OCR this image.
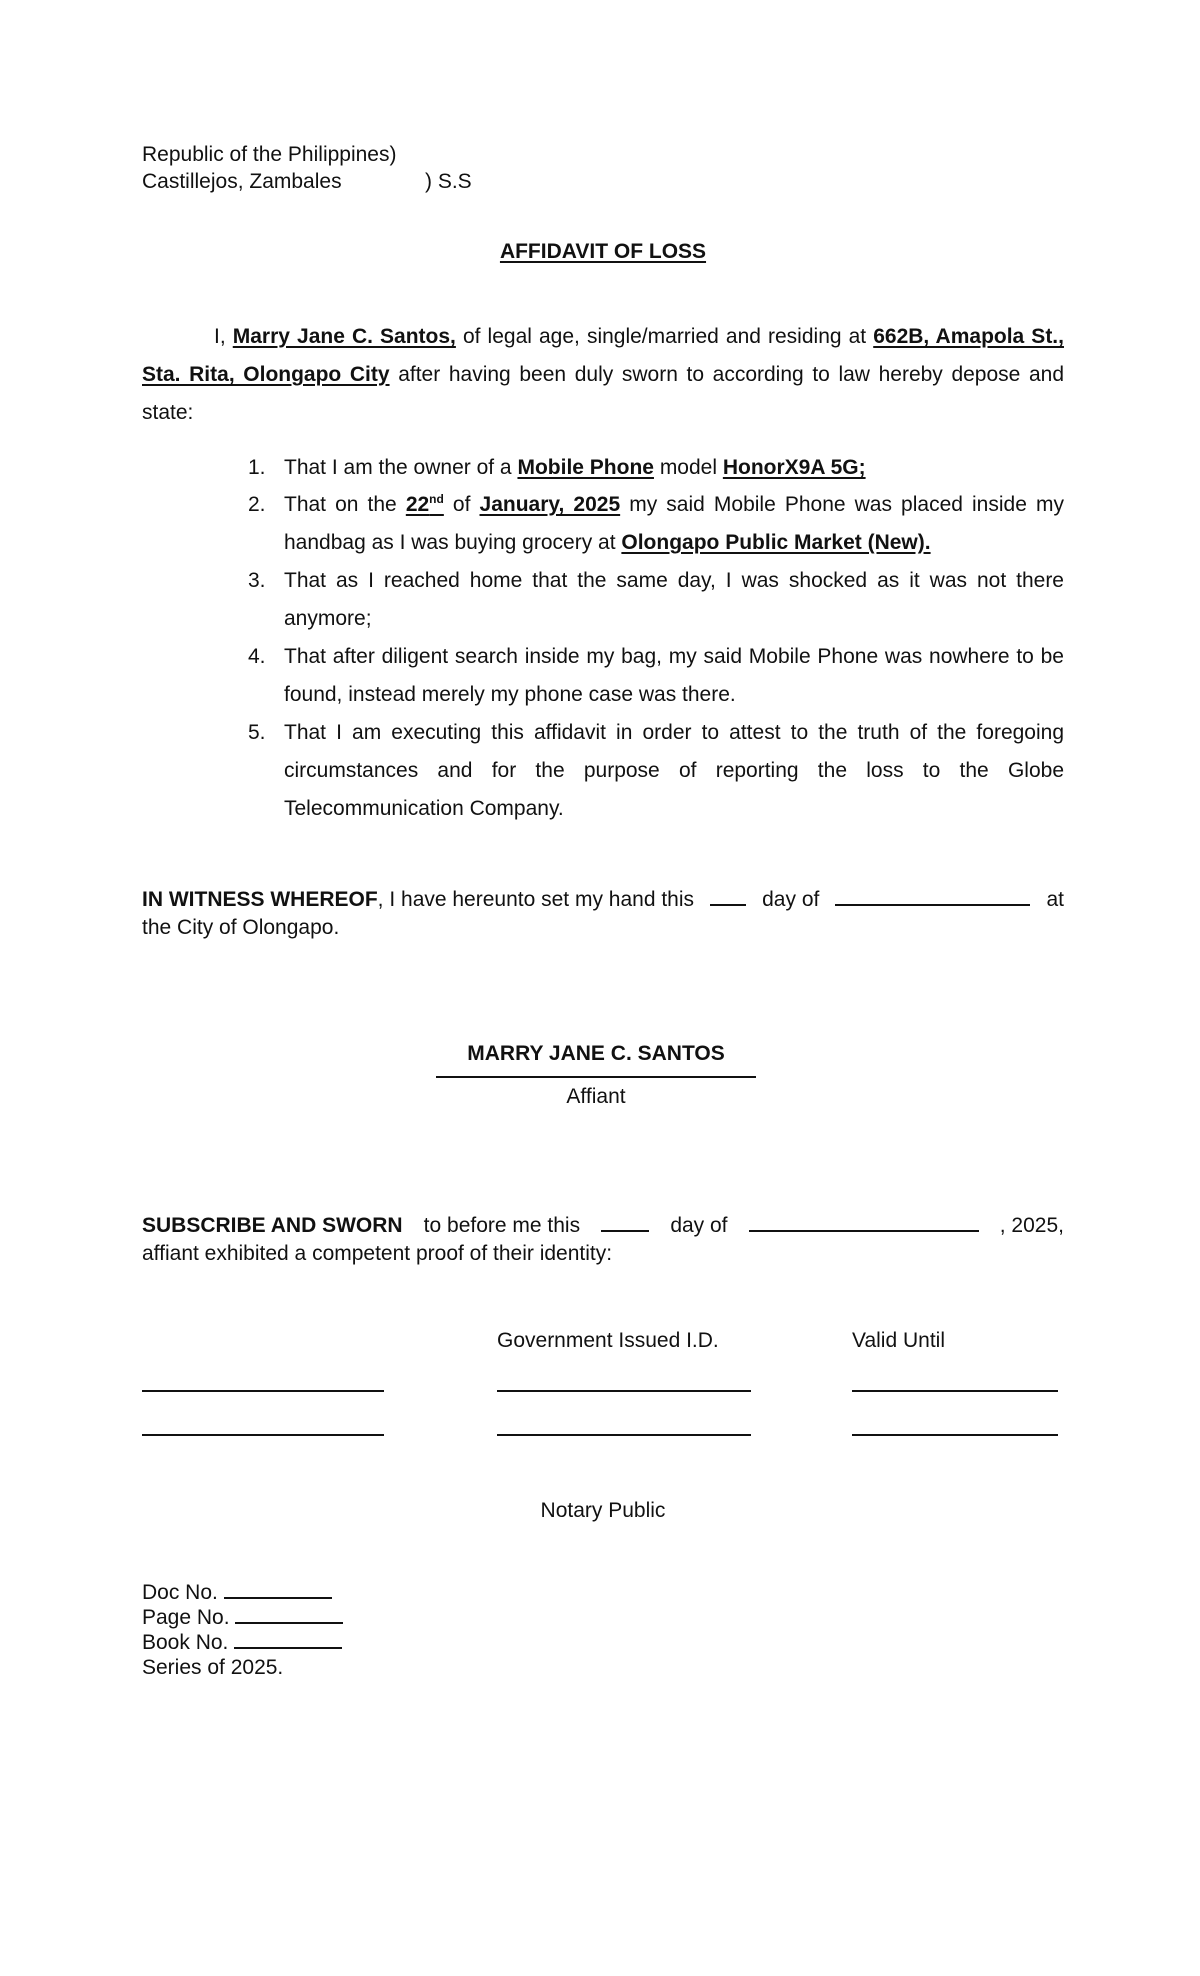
Republic of the Philippines)
Castillejos, Zambales	) S.S
AFFIDAVIT OF LOSS
I, Marry Jane C. Santos, of legal age, single/married and residing at 662B, Amapola St., Sta. Rita, Olongapo City after having been duly sworn to according to law hereby depose and state:
1. That I am the owner of a Mobile Phone model HonorX9A 5G;
2. That on the 22nd of January, 2025 my said Mobile Phone was placed inside my handbag as I was buying grocery at Olongapo Public Market (New).
3. That as I reached home that the same day, I was shocked as it was not there anymore;
4. That after diligent search inside my bag, my said Mobile Phone was nowhere to be found, instead merely my phone case was there.
5. That I am executing this affidavit in order to attest to the truth of the foregoing circumstances and for the purpose of reporting the loss to the Globe Telecommunication Company.
IN WITNESS WHEREOF, I have hereunto set my hand this	day of	at
the City of Olongapo.
MARRY JANE C. SANTOS
Affiant
SUBSCRIBE AND SWORN to before me this	day of	, 2025,
affiant exhibited a competent proof of their identity:
Government Issued I.D.	Valid Until
Notary Public
Doc No.
Page No.
Book No.
Series of 2025.
